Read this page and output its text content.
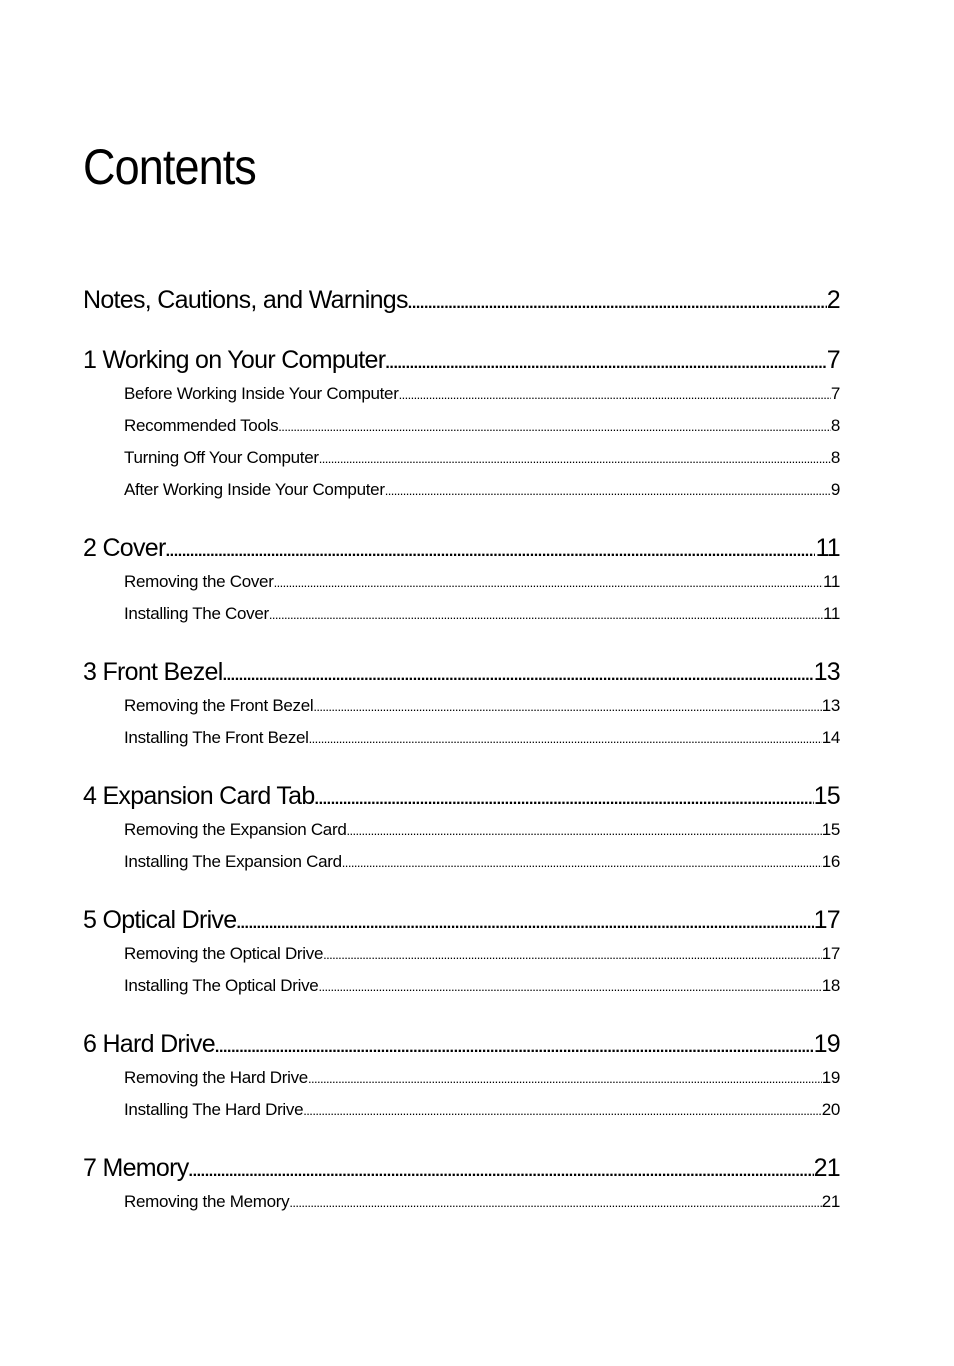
Contents
Notes, Cautions, and Warnings .....	2
1 Working on Your Computer .....	7
Before Working Inside Your Computer .....	7
Recommended Tools .....	8
Turning Off Your Computer .....	8
After Working Inside Your Computer .....	9
2 Cover .....	11
Removing the Cover .....	11
Installing The Cover .....	11
3 Front Bezel .....	13
Removing the Front Bezel .....	13
Installing The Front Bezel .....	14
4 Expansion Card Tab .....	15
Removing the Expansion Card .....	15
Installing The Expansion Card .....	16
5 Optical Drive .....	17
Removing the Optical Drive .....	17
Installing The Optical Drive .....	18
6 Hard Drive .....	19
Removing the Hard Drive .....	19
Installing The Hard Drive .....	20
7 Memory .....	21
Removing the Memory .....	21
